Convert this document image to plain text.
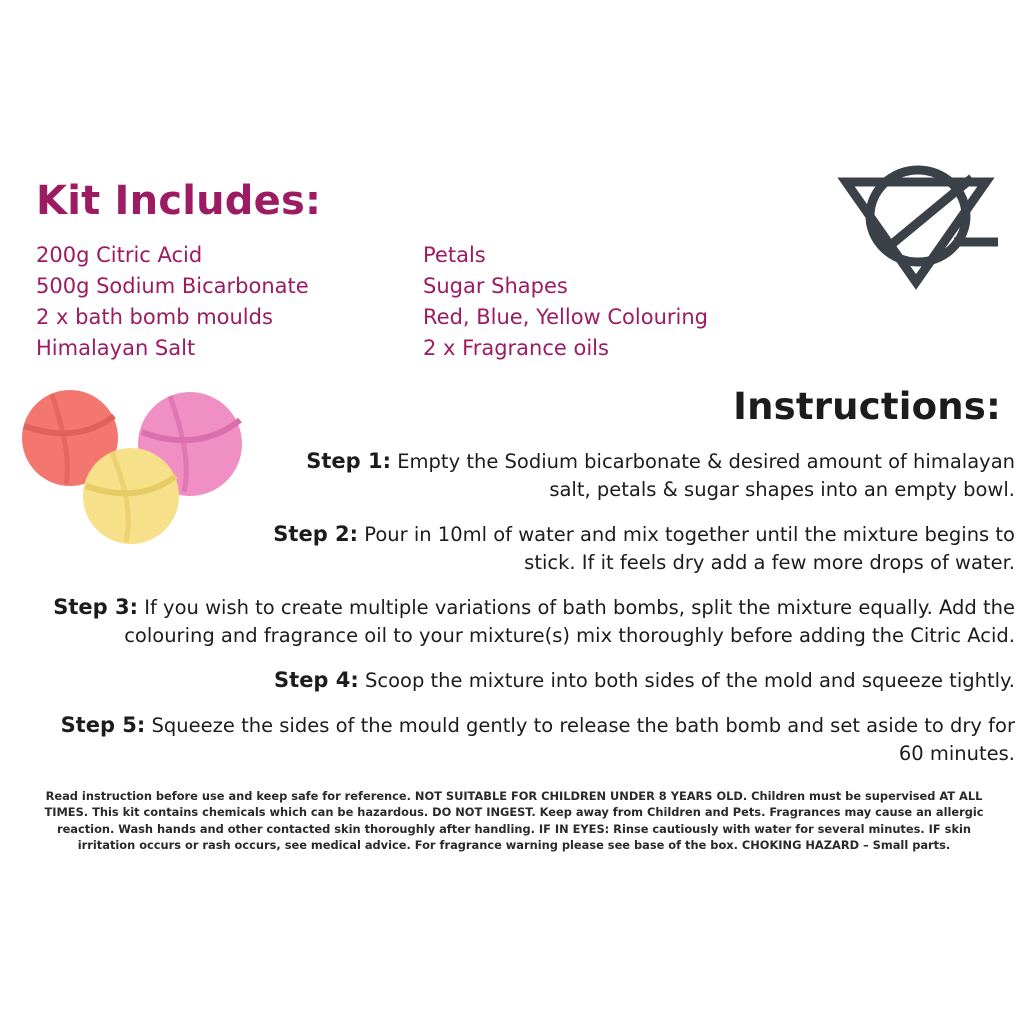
Kit Includes:
200g Citric Acid
500g Sodium Bicarbonate
2 x bath bomb moulds
Himalayan Salt
Petals
Sugar Shapes
Red, Blue, Yellow Colouring
2 x Fragrance oils
Instructions:
Step 1: Empty the Sodium bicarbonate & desired amount of himalayan salt, petals & sugar shapes into an empty bowl.
Step 2: Pour in 10ml of water and mix together until the mixture begins to stick. If it feels dry add a few more drops of water.
Step 3: If you wish to create multiple variations of bath bombs, split the mixture equally. Add the colouring and fragrance oil to your mixture(s) mix thoroughly before adding the Citric Acid.
Step 4: Scoop the mixture into both sides of the mold and squeeze tightly.
Step 5: Squeeze the sides of the mould gently to release the bath bomb and set aside to dry for 60 minutes.
Read instruction before use and keep safe for reference. NOT SUITABLE FOR CHILDREN UNDER 8 YEARS OLD. Children must be supervised AT ALL TIMES. This kit contains chemicals which can be hazardous. DO NOT INGEST. Keep away from Children and Pets. Fragrances may cause an allergic reaction. Wash hands and other contacted skin thoroughly after handling. IF IN EYES: Rinse cautiously with water for several minutes. IF skin irritation occurs or rash occurs, see medical advice. For fragrance warning please see base of the box. CHOKING HAZARD – Small parts.
